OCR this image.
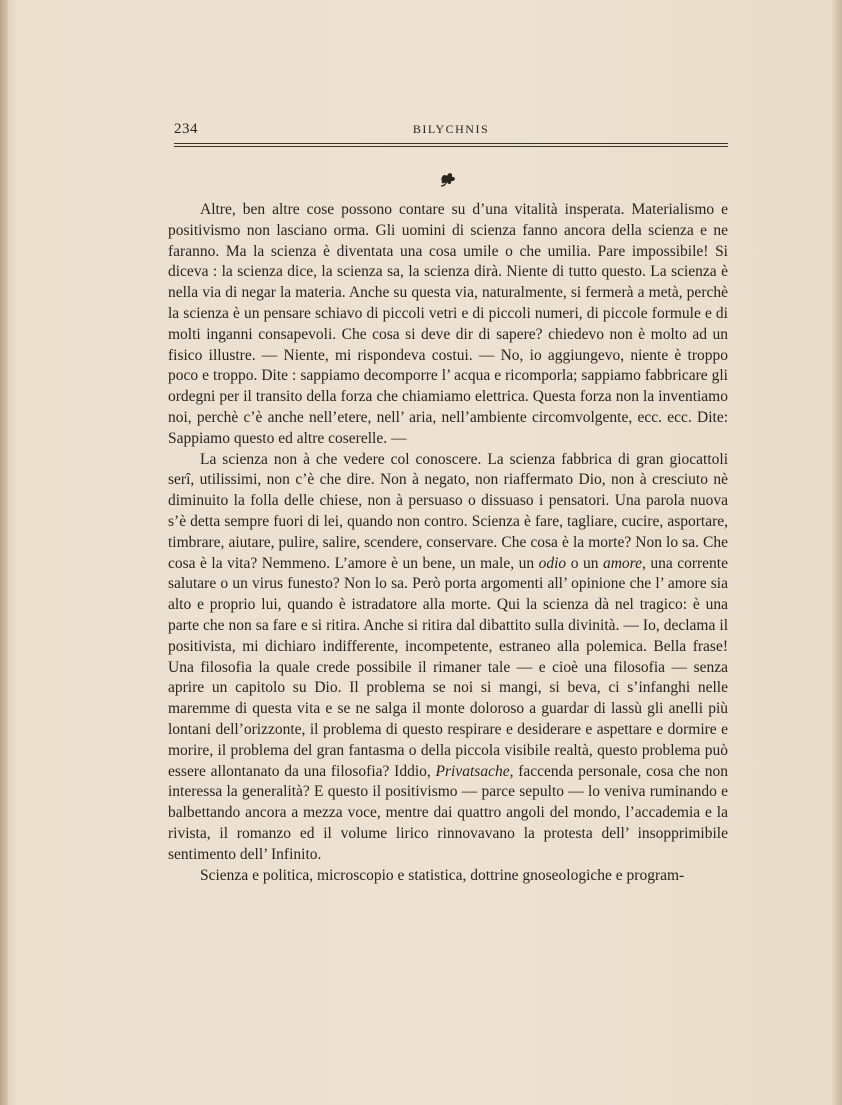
234	BILYCHNIS

Altre, ben altre cose possono contare su d’una vitalità insperata. Materialismo e positivismo non lasciano orma. Gli uomini di scienza fanno ancora della scienza e ne faranno. Ma la scienza è diventata una cosa umile o che umilia. Pare impossibile! Si diceva : la scienza dice, la scienza sa, la scienza dirà. Niente di tutto questo. La scienza è nella via di negar la materia. Anche su questa via, naturalmente, si fermerà a metà, perchè la scienza è un pensare schiavo di piccoli vetri e di piccoli numeri, di piccole formule e di molti inganni consapevoli. Che cosa si deve dir di sapere? chiedevo non è molto ad un fisico illustre. — Niente, mi rispondeva costui. — No, io aggiungevo, niente è troppo poco e troppo. Dite : sappiamo decomporre l’ acqua e ricomporla; sappiamo fabbricare gli ordegni per il transito della forza che chiamiamo elettrica. Questa forza non la inventiamo noi, perchè c’è anche nell’etere, nell’ aria, nell’ambiente circomvolgente, ecc. ecc. Dite: Sappiamo questo ed altre coserelle. —

La scienza non à che vedere col conoscere. La scienza fabbrica di gran giocattoli serî, utilissimi, non c’è che dire. Non à negato, non riaffermato Dio, non à cresciuto nè diminuito la folla delle chiese, non à persuaso o dissuaso i pensatori. Una parola nuova s’è detta sempre fuori di lei, quando non contro. Scienza è fare, tagliare, cucire, asportare, timbrare, aiutare, pulire, salire, scendere, conservare. Che cosa è la morte? Non lo sa. Che cosa è la vita? Nemmeno. L’amore è un bene, un male, un odio o un amore, una corrente salutare o un virus funesto? Non lo sa. Però porta argomenti all’ opinione che l’ amore sia alto e proprio lui, quando è istradatore alla morte. Qui la scienza dà nel tragico: è una parte che non sa fare e si ritira. Anche si ritira dal dibattito sulla divinità. — Io, declama il positivista, mi dichiaro indifferente, incompetente, estraneo alla polemica. Bella frase! Una filosofia la quale crede possibile il rimaner tale — e cioè una filosofia — senza aprire un capitolo su Dio. Il problema se noi si mangi, si beva, ci s’infanghi nelle maremme di questa vita e se ne salga il monte doloroso a guardar di lassù gli anelli più lontani dell’orizzonte, il problema di questo respirare e desiderare e aspettare e dormire e morire, il problema del gran fantasma o della piccola visibile realtà, questo problema può essere allontanato da una filosofia? Iddio, Privatsache, faccenda personale, cosa che non interessa la generalità? E questo il positivismo — parce sepulto — lo veniva ruminando e balbettando ancora a mezza voce, mentre dai quattro angoli del mondo, l’accademia e la rivista, il romanzo ed il volume lirico rinnovavano la protesta dell’ insopprimibile sentimento dell’ Infinito.

Scienza e politica, microscopio e statistica, dottrine gnoseologiche e program-
